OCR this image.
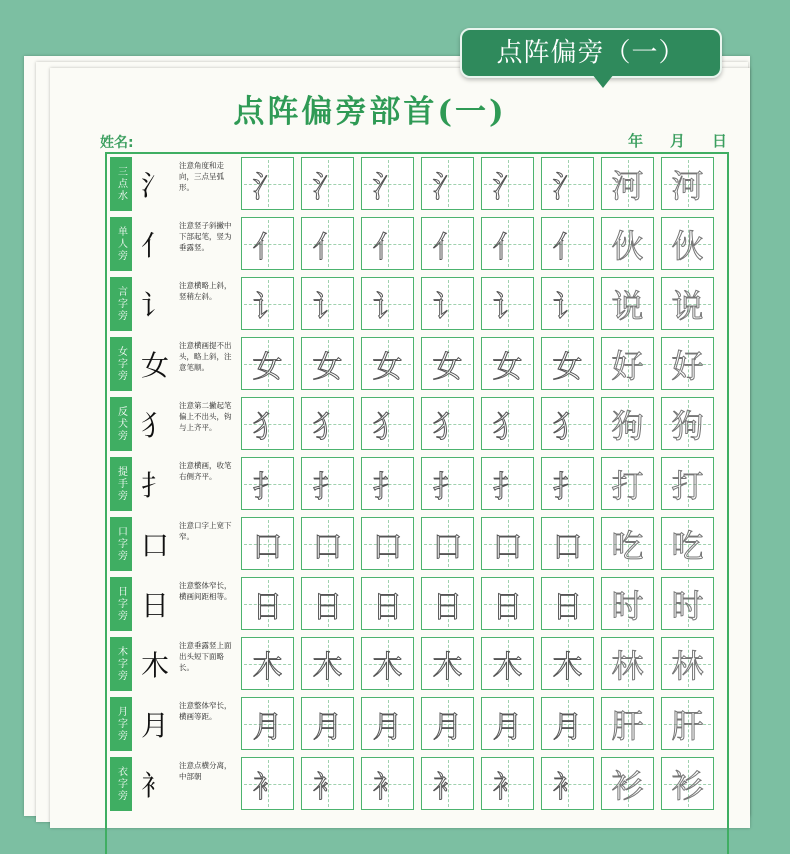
点阵偏旁（一）
点阵偏旁部首(一)
姓名:	年 月 日
三点水 氵
注意角度和走向，三点呈弧形。	氵	氵	氵	氵	氵	氵 河 河
单人旁 亻
注意竖子斜撇中下部起笔，竖为垂露竖。	亻	亻	亻	亻	亻	亻 伙 伙
言字旁 讠
注意横略上斜，竖稍左斜。	讠	讠	讠	讠	讠	讠 说 说
女字旁 女
注意横画提不出头，略上斜，注意笔顺。	女	女	女	女	女	女 好 好
反犬旁 犭
注意第二撇起笔偏上不出头，钩与上齐平。	犭	犭	犭	犭	犭	犭 狗 狗
提手旁 扌
注意横画，收笔右侧齐平。	扌	扌	扌	扌	扌	扌 打 打
口字旁 口
注意口字上宽下窄。	口	口	口	口	口	口 吃 吃
日字旁 日
注意整体窄长，横画间距相等。 日	日	日	日	日	日 时 时
木字旁 木
注意垂露竖上面出头短下面略长。	木	木	木	木	木	木 林 林
月字旁 月
注意整体窄长，横画等距。	月	月	月	月	月	月 肝 肝
衣字旁 衤
注意点横分离，中部朝	衤	衤	衤	衤	衤	衤 衫 衫
